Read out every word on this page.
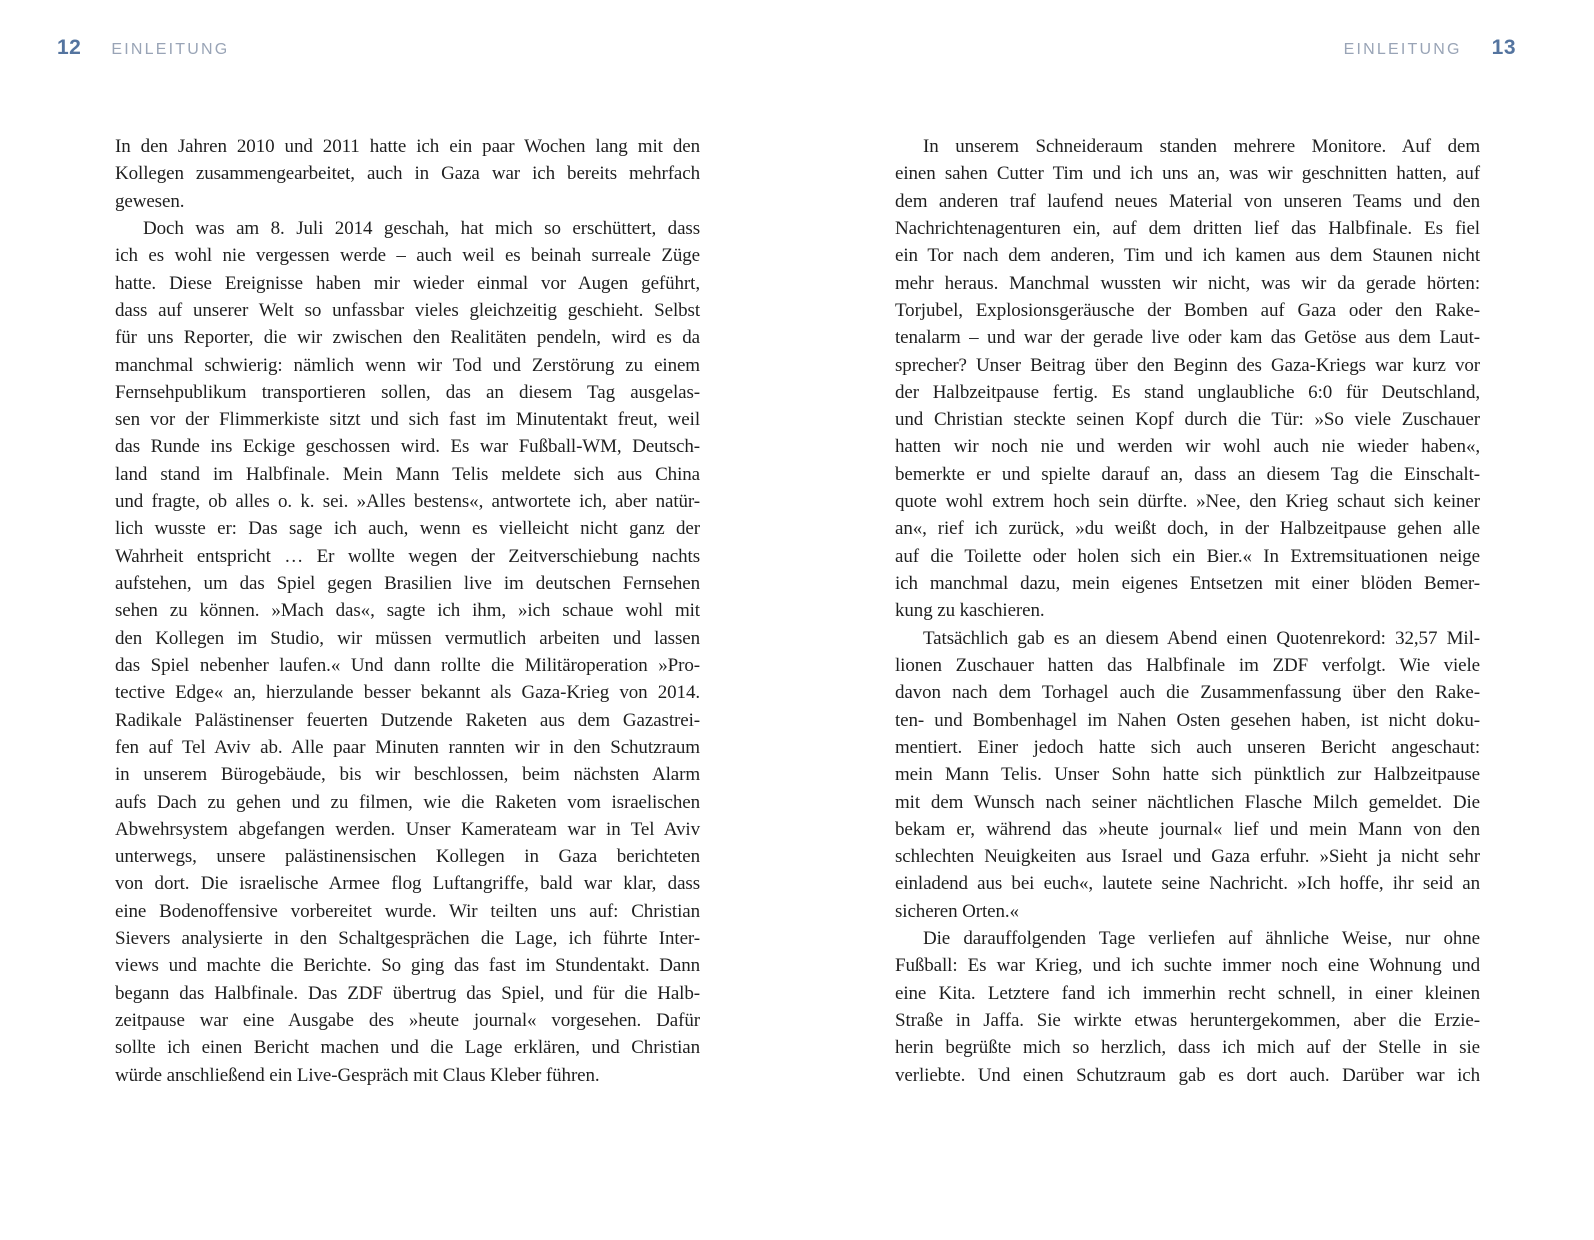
12 EINLEITUNG	EINLEITUNG 13
In den Jahren 2010 und 2011 hatte ich ein paar Wochen lang mit den
Kollegen zusammengearbeitet, auch in Gaza war ich bereits mehrfach
gewesen.
Doch was am 8. Juli 2014 geschah, hat mich so erschüttert, dass
ich es wohl nie vergessen werde – auch weil es beinah surreale Züge
hatte. Diese Ereignisse haben mir wieder einmal vor Augen geführt,
dass auf unserer Welt so unfassbar vieles gleichzeitig geschieht. Selbst
für uns Reporter, die wir zwischen den Realitäten pendeln, wird es da
manchmal schwierig: nämlich wenn wir Tod und Zerstörung zu einem
Fernsehpublikum transportieren sollen, das an diesem Tag ausgelas-
sen vor der Flimmerkiste sitzt und sich fast im Minutentakt freut, weil
das Runde ins Eckige geschossen wird. Es war Fußball-WM, Deutsch-
land stand im Halbfinale. Mein Mann Telis meldete sich aus China
und fragte, ob alles o. k. sei. »Alles bestens«, antwortete ich, aber natür-
lich wusste er: Das sage ich auch, wenn es vielleicht nicht ganz der
Wahrheit entspricht … Er wollte wegen der Zeitverschiebung nachts
aufstehen, um das Spiel gegen Brasilien live im deutschen Fernsehen
sehen zu können. »Mach das«, sagte ich ihm, »ich schaue wohl mit
den Kollegen im Studio, wir müssen vermutlich arbeiten und lassen
das Spiel nebenher laufen.« Und dann rollte die Militäroperation »Pro-
tective Edge« an, hierzulande besser bekannt als Gaza-Krieg von 2014.
Radikale Palästinenser feuerten Dutzende Raketen aus dem Gazastrei-
fen auf Tel Aviv ab. Alle paar Minuten rannten wir in den Schutzraum
in unserem Bürogebäude, bis wir beschlossen, beim nächsten Alarm
aufs Dach zu gehen und zu filmen, wie die Raketen vom israelischen
Abwehrsystem abgefangen werden. Unser Kamerateam war in Tel Aviv
unterwegs, unsere palästinensischen Kollegen in Gaza berichteten
von dort. Die israelische Armee flog Luftangriffe, bald war klar, dass
eine Bodenoffensive vorbereitet wurde. Wir teilten uns auf: Christian
Sievers analysierte in den Schaltgesprächen die Lage, ich führte Inter-
views und machte die Berichte. So ging das fast im Stundentakt. Dann
begann das Halbfinale. Das ZDF übertrug das Spiel, und für die Halb-
zeitpause war eine Ausgabe des »heute journal« vorgesehen. Dafür
sollte ich einen Bericht machen und die Lage erklären, und Christian
würde anschließend ein Live-Gespräch mit Claus Kleber führen.
In unserem Schneideraum standen mehrere Monitore. Auf dem
einen sahen Cutter Tim und ich uns an, was wir geschnitten hatten, auf
dem anderen traf laufend neues Material von unseren Teams und den
Nachrichtenagenturen ein, auf dem dritten lief das Halbfinale. Es fiel
ein Tor nach dem anderen, Tim und ich kamen aus dem Staunen nicht
mehr heraus. Manchmal wussten wir nicht, was wir da gerade hörten:
Torjubel, Explosionsgeräusche der Bomben auf Gaza oder den Rake-
tenalarm – und war der gerade live oder kam das Getöse aus dem Laut-
sprecher? Unser Beitrag über den Beginn des Gaza-Kriegs war kurz vor
der Halbzeitpause fertig. Es stand unglaubliche 6:0 für Deutschland,
und Christian steckte seinen Kopf durch die Tür: »So viele Zuschauer
hatten wir noch nie und werden wir wohl auch nie wieder haben«,
bemerkte er und spielte darauf an, dass an diesem Tag die Einschalt-
quote wohl extrem hoch sein dürfte. »Nee, den Krieg schaut sich keiner
an«, rief ich zurück, »du weißt doch, in der Halbzeitpause gehen alle
auf die Toilette oder holen sich ein Bier.« In Extremsituationen neige
ich manchmal dazu, mein eigenes Entsetzen mit einer blöden Bemer-
kung zu kaschieren.
Tatsächlich gab es an diesem Abend einen Quotenrekord: 32,57 Mil-
lionen Zuschauer hatten das Halbfinale im ZDF verfolgt. Wie viele
davon nach dem Torhagel auch die Zusammenfassung über den Rake-
ten- und Bombenhagel im Nahen Osten gesehen haben, ist nicht doku-
mentiert. Einer jedoch hatte sich auch unseren Bericht angeschaut:
mein Mann Telis. Unser Sohn hatte sich pünktlich zur Halbzeitpause
mit dem Wunsch nach seiner nächtlichen Flasche Milch gemeldet. Die
bekam er, während das »heute journal« lief und mein Mann von den
schlechten Neuigkeiten aus Israel und Gaza erfuhr. »Sieht ja nicht sehr
einladend aus bei euch«, lautete seine Nachricht. »Ich hoffe, ihr seid an
sicheren Orten.«
Die darauffolgenden Tage verliefen auf ähnliche Weise, nur ohne
Fußball: Es war Krieg, und ich suchte immer noch eine Wohnung und
eine Kita. Letztere fand ich immerhin recht schnell, in einer kleinen
Straße in Jaffa. Sie wirkte etwas heruntergekommen, aber die Erzie-
herin begrüßte mich so herzlich, dass ich mich auf der Stelle in sie
verliebte. Und einen Schutzraum gab es dort auch. Darüber war ich
